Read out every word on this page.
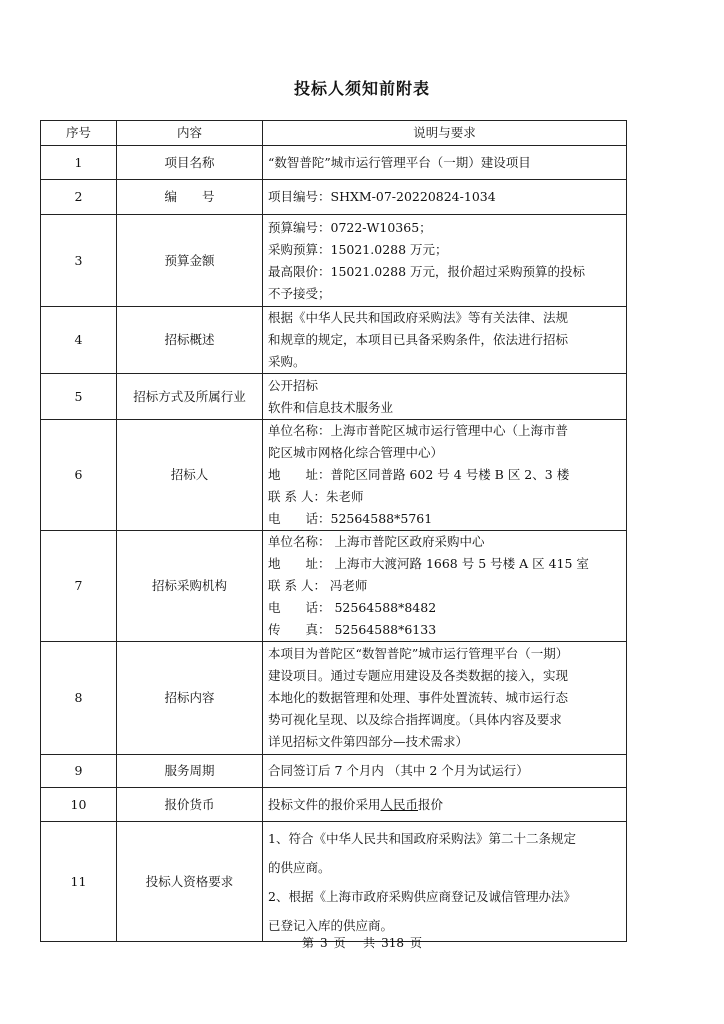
投标人须知前附表
序号	内容	说明与要求
1	项目名称	“数智普陀”城市运行管理平台（一期）建设项目

2	编　　号	项目编号：SHXM-07-20220824-1034

3	预算金额	预算编号：0722-W10365；
采购预算：15021.0288 万元；
最高限价：15021.0288 万元，报价超过采购预算的投标
不予接受；

4	招标概述	根据《中华人民共和国政府采购法》等有关法律、法规
和规章的规定，本项目已具备采购条件，依法进行招标
采购。

5	招标方式及所属行业	公开招标
软件和信息技术服务业

6	招标人	单位名称：上海市普陀区城市运行管理中心（上海市普
陀区城市网格化综合管理中心）
地　　址：普陀区同普路 602 号 4 号楼 B 区 2、3 楼
联 系 人：朱老师
电　　话：52564588*5761

7	招标采购机构	单位名称： 上海市普陀区政府采购中心
地　　址： 上海市大渡河路 1668 号 5 号楼 A 区 415 室
联 系 人： 冯老师
电　　话： 52564588*8482
传　　真： 52564588*6133

8	招标内容	本项目为普陀区“数智普陀”城市运行管理平台（一期）
建设项目。通过专题应用建设及各类数据的接入，实现
本地化的数据管理和处理、事件处置流转、城市运行态
势可视化呈现、以及综合指挥调度。（具体内容及要求
详见招标文件第四部分—技术需求）

9	服务周期	合同签订后 7 个月内 （其中 2 个月为试运行）

10	报价货币	投标文件的报价采用人民币报价

11	投标人资格要求	1、符合《中华人民共和国政府采购法》第二十二条规定
的供应商。
2、根据《上海市政府采购供应商登记及诚信管理办法》
已登记入库的供应商。
第 3 页 共 318 页
